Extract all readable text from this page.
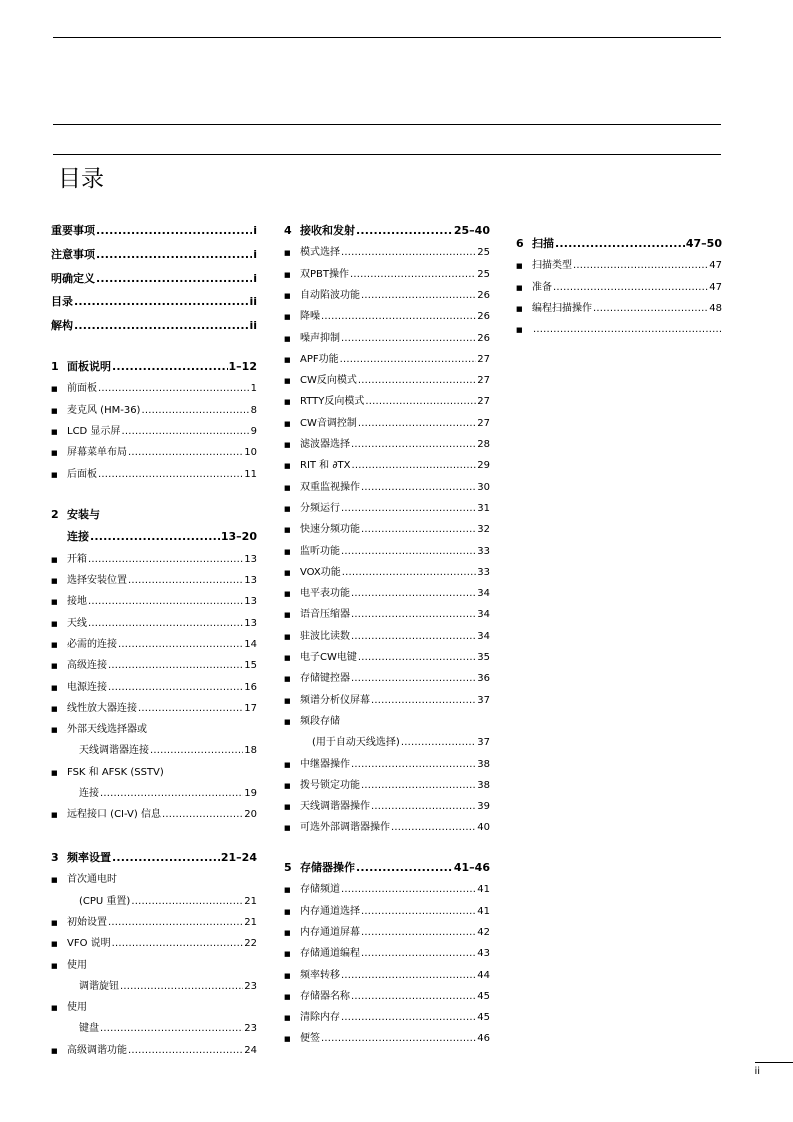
目录
重要事项 .....	i
注意事项 .....	i
明确定义 .....	i
目录 .....	ii
解构 .....	ii
1 面板说明 .....	1–12
■ 前面板 .....	1
■ 麦克风 (HM-36) .....	8
■ LCD 显示屏 .....	9
■ 屏幕菜单布局 .....	10
■ 后面板 .....	11
2 安装与
连接 .....	13–20
■ 开箱 .....	13
■ 选择安装位置 .....	13
■ 接地 .....	13
■ 天线 .....	13
■ 必需的连接 .....	14
■ 高级连接 .....	15
■ 电源连接 .....	16
■ 线性放大器连接 .....	17
■ 外部天线选择器或
天线调谐器连接 .....	18
■ FSK 和 AFSK (SSTV)
连接 .....	19
■ 远程接口 (CI-V) 信息 .....	20
3 频率设置 .....	21–24
■ 首次通电时
(CPU 重置) .....	21
■ 初始设置 .....	21
■ VFO 说明 .....	22
■ 使用
调谐旋钮 .....	23
■ 使用
键盘 .....	23
■ 高级调谐功能 .....	24
4 接收和发射 .....	25–40
■ 模式选择 .....	25
■ 双PBT操作 .....	25
■ 自动陷波功能 .....	26
■ 降噪 .....	26
■ 噪声抑制 .....	26
■ APF功能 .....	27
■ CW反向模式 .....	27
■ RTTY反向模式 .....	27
■ CW音调控制 .....	27
■ 滤波器选择 .....	28
■ RIT 和 ∂TX .....	29
■ 双重监视操作 .....	30
■ 分频运行 .....	31
■ 快速分频功能 .....	32
■ 监听功能 .....	33
■ VOX功能 .....	33
■ 电平表功能 .....	34
■ 语音压缩器 .....	34
■ 驻波比读数 .....	34
■ 电子CW电键 .....	35
■ 存储键控器 .....	36
■ 频谱分析仪屏幕 .....	37
■ 频段存储
(用于自动天线选择) .....	37
■ 中继器操作 .....	38
■ 拨号锁定功能 .....	38
■ 天线调谐器操作 .....	39
■ 可选外部调谐器操作 .....	40
5 存储器操作 .....	41–46
■ 存储频道 .....	41
■ 内存通道选择 .....	41
■ 内存通道屏幕 .....	42
■ 存储通道编程 .....	43
■ 频率转移 .....	44
■ 存储器名称 .....	45
■ 清除内存 .....	45
■ 便签 .....	46
6 扫描 .....	47–50
■ 扫描类型 .....	47
■ 准备 .....	47
■ 编程扫描操作 .....	48
■
.....
ii
